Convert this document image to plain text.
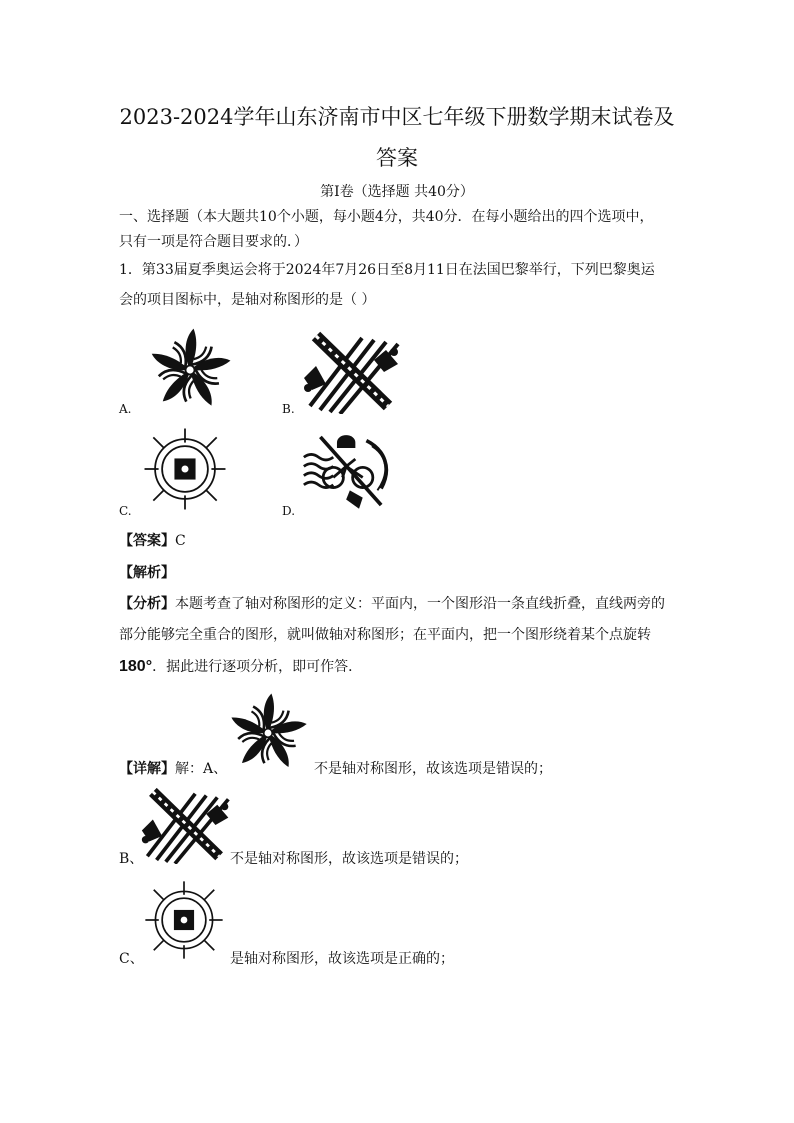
2023-2024学年山东济南市中区七年级下册数学期末试卷及
答案
第Ⅰ卷（选择题 共40分）
一、选择题（本大题共10个小题，每小题4分，共40分．在每小题给出的四个选项中，
只有一项是符合题目要求的．）
1．第33届夏季奥运会将于2024年7月26日至8月11日在法国巴黎举行，下列巴黎奥运
会的项目图标中，是轴对称图形的是（ ）
A.	B.
C.	D.
【答案】C
【解析】
【分析】本题考查了轴对称图形的定义：平面内，一个图形沿一条直线折叠，直线两旁的
部分能够完全重合的图形，就叫做轴对称图形；在平面内，把一个图形绕着某个点旋转
180°．据此进行逐项分析，即可作答．
【详解】解：A、	不是轴对称图形，故该选项是错误的；
B、	不是轴对称图形，故该选项是错误的；
C、	是轴对称图形，故该选项是正确的；
